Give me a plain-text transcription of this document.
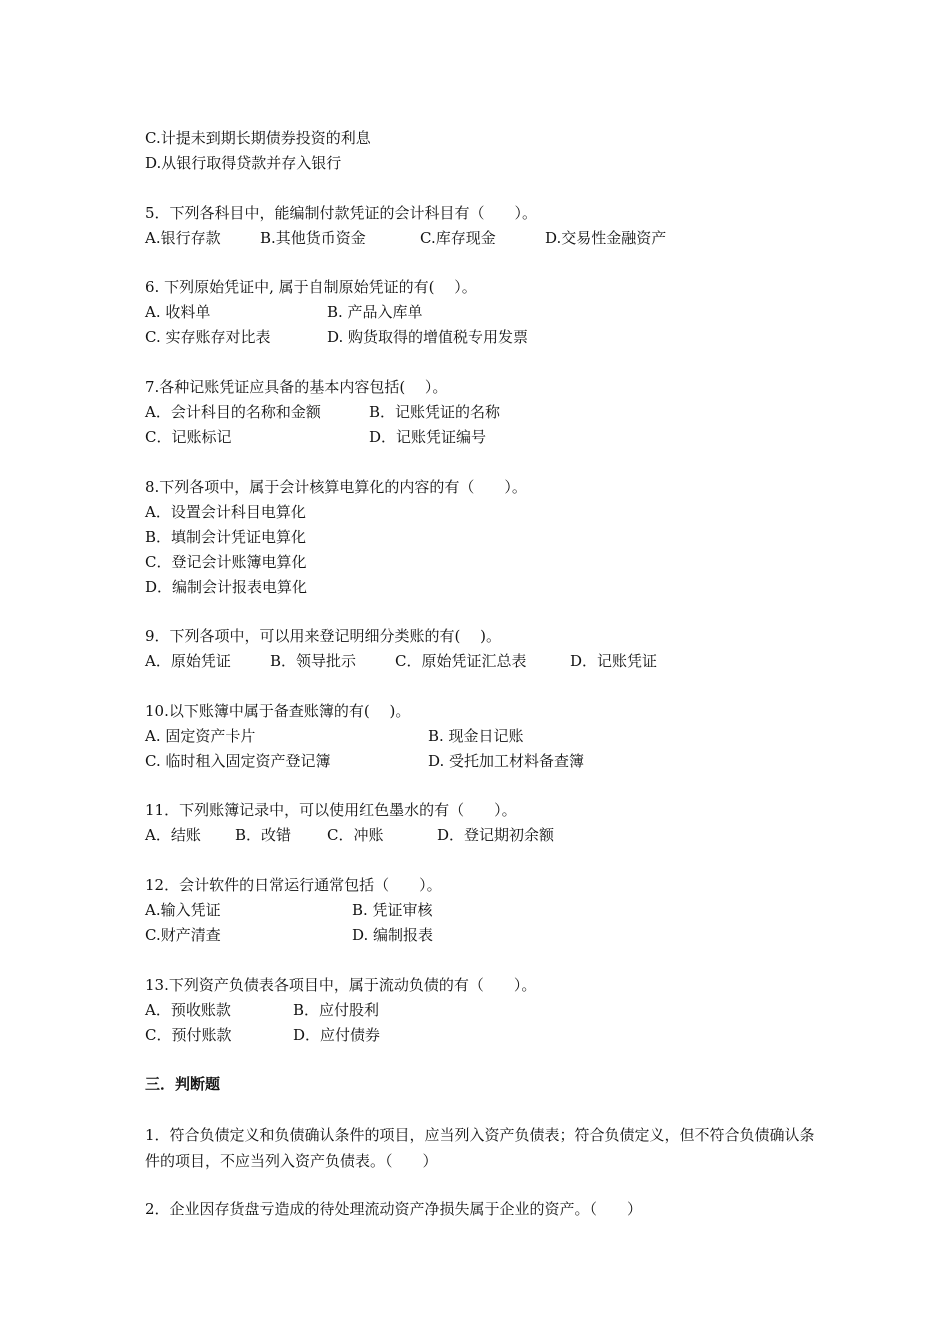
C.计提未到期长期债券投资的利息
D.从银行取得贷款并存入银行
5．下列各科目中，能编制付款凭证的会计科目有（　　）。
A.银行存款	B.其他货币资金	C.库存现金	D.交易性金融资产
6. 下列原始凭证中, 属于自制原始凭证的有(　 ）。
A. 收料单	B. 产品入库单
C. 实存账存对比表	D. 购货取得的增值税专用发票
7.各种记账凭证应具备的基本内容包括(　 ）。
A．会计科目的名称和金额	B．记账凭证的名称
C．记账标记	D．记账凭证编号
8.下列各项中，属于会计核算电算化的内容的有（　　）。
A．设置会计科目电算化
B．填制会计凭证电算化
C．登记会计账簿电算化
D．编制会计报表电算化
9．下列各项中，可以用来登记明细分类账的有(　 )。
A．原始凭证	B．领导批示	C．原始凭证汇总表	D．记账凭证
10.以下账簿中属于备查账簿的有(　 )。
A. 固定资产卡片	B. 现金日记账
C. 临时租入固定资产登记簿	D. 受托加工材料备查簿
11．下列账簿记录中，可以使用红色墨水的有（　　）。
A．结账 B．改错 C．冲账	D．登记期初余额
12．会计软件的日常运行通常包括（　　）。
A.输入凭证	B. 凭证审核
C.财产清查	D. 编制报表
13.下列资产负债表各项目中，属于流动负债的有（　　）。
A．预收账款	B．应付股利
C．预付账款	D．应付债券
三．判断题
1．符合负债定义和负债确认条件的项目，应当列入资产负债表；符合负债定义，但不符合负债确认条件的项目，不应当列入资产负债表。（　　）
2．企业因存货盘亏造成的待处理流动资产净损失属于企业的资产。（　　）
